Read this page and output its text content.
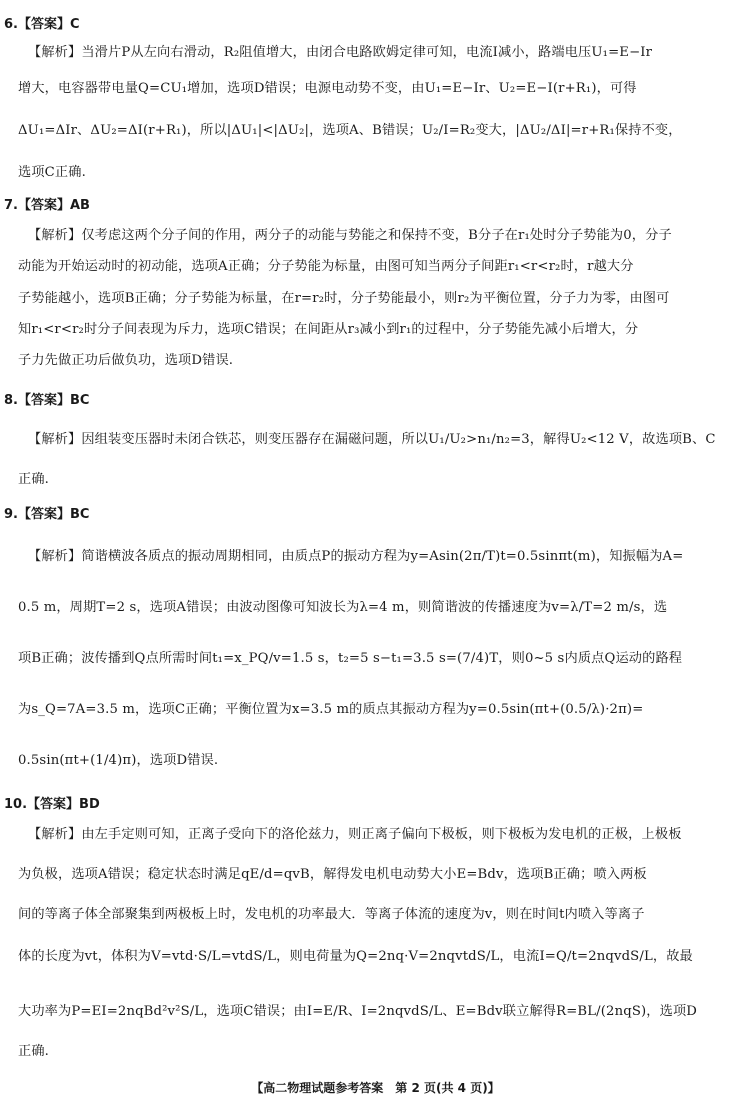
6.【答案】C
【解析】当滑片P从左向右滑动，R₂阻值增大，由闭合电路欧姆定律可知，电流I减小，路端电压U₁=E−Ir
增大，电容器带电量Q=CU₁增加，选项D错误；电源电动势不变，由U₁=E−Ir、U₂=E−I(r+R₁)，可得
ΔU₁=ΔIr、ΔU₂=ΔI(r+R₁)，所以|ΔU₁|<|ΔU₂|，选项A、B错误；U₂/I=R₂变大，|ΔU₂/ΔI|=r+R₁保持不变，
选项C正确.
7.【答案】AB
【解析】仅考虑这两个分子间的作用，两分子的动能与势能之和保持不变，B分子在r₁处时分子势能为0，分子
动能为开始运动时的初动能，选项A正确；分子势能为标量，由图可知当两分子间距r₁<r<r₂时，r越大分
子势能越小，选项B正确；分子势能为标量，在r=r₂时，分子势能最小，则r₂为平衡位置，分子力为零，由图可
知r₁<r<r₂时分子间表现为斥力，选项C错误；在间距从r₃减小到r₁的过程中，分子势能先减小后增大，分
子力先做正功后做负功，选项D错误.
8.【答案】BC
【解析】因组装变压器时未闭合铁芯，则变压器存在漏磁问题，所以U₁/U₂>n₁/n₂=3，解得U₂<12 V，故选项B、C
正确.
9.【答案】BC
【解析】简谐横波各质点的振动周期相同，由质点P的振动方程为y=Asin(2π/T)t=0.5sinπt(m)，知振幅为A=
0.5 m，周期T=2 s，选项A错误；由波动图像可知波长为λ=4 m，则简谐波的传播速度为v=λ/T=2 m/s，选
项B正确；波传播到Q点所需时间t₁=x_PQ/v=1.5 s，t₂=5 s−t₁=3.5 s=(7/4)T，则0~5 s内质点Q运动的路程
为s_Q=7A=3.5 m，选项C正确；平衡位置为x=3.5 m的质点其振动方程为y=0.5sin(πt+(0.5/λ)·2π)=
0.5sin(πt+(1/4)π)，选项D错误.
10.【答案】BD
【解析】由左手定则可知，正离子受向下的洛伦兹力，则正离子偏向下极板，则下极板为发电机的正极，上极板
为负极，选项A错误；稳定状态时满足qE/d=qvB，解得发电机电动势大小E=Bdv，选项B正确；喷入两板
间的等离子体全部聚集到两极板上时，发电机的功率最大．等离子体流的速度为v，则在时间t内喷入等离子
体的长度为vt，体积为V=vtd·S/L=vtdS/L，则电荷量为Q=2nq·V=2nqvtdS/L，电流I=Q/t=2nqvdS/L，故最
大功率为P=EI=2nqBd²v²S/L，选项C错误；由I=E/R、I=2nqvdS/L、E=Bdv联立解得R=BL/(2nqS)，选项D
正确.
【高二物理试题参考答案　第 2 页(共 4 页)】
